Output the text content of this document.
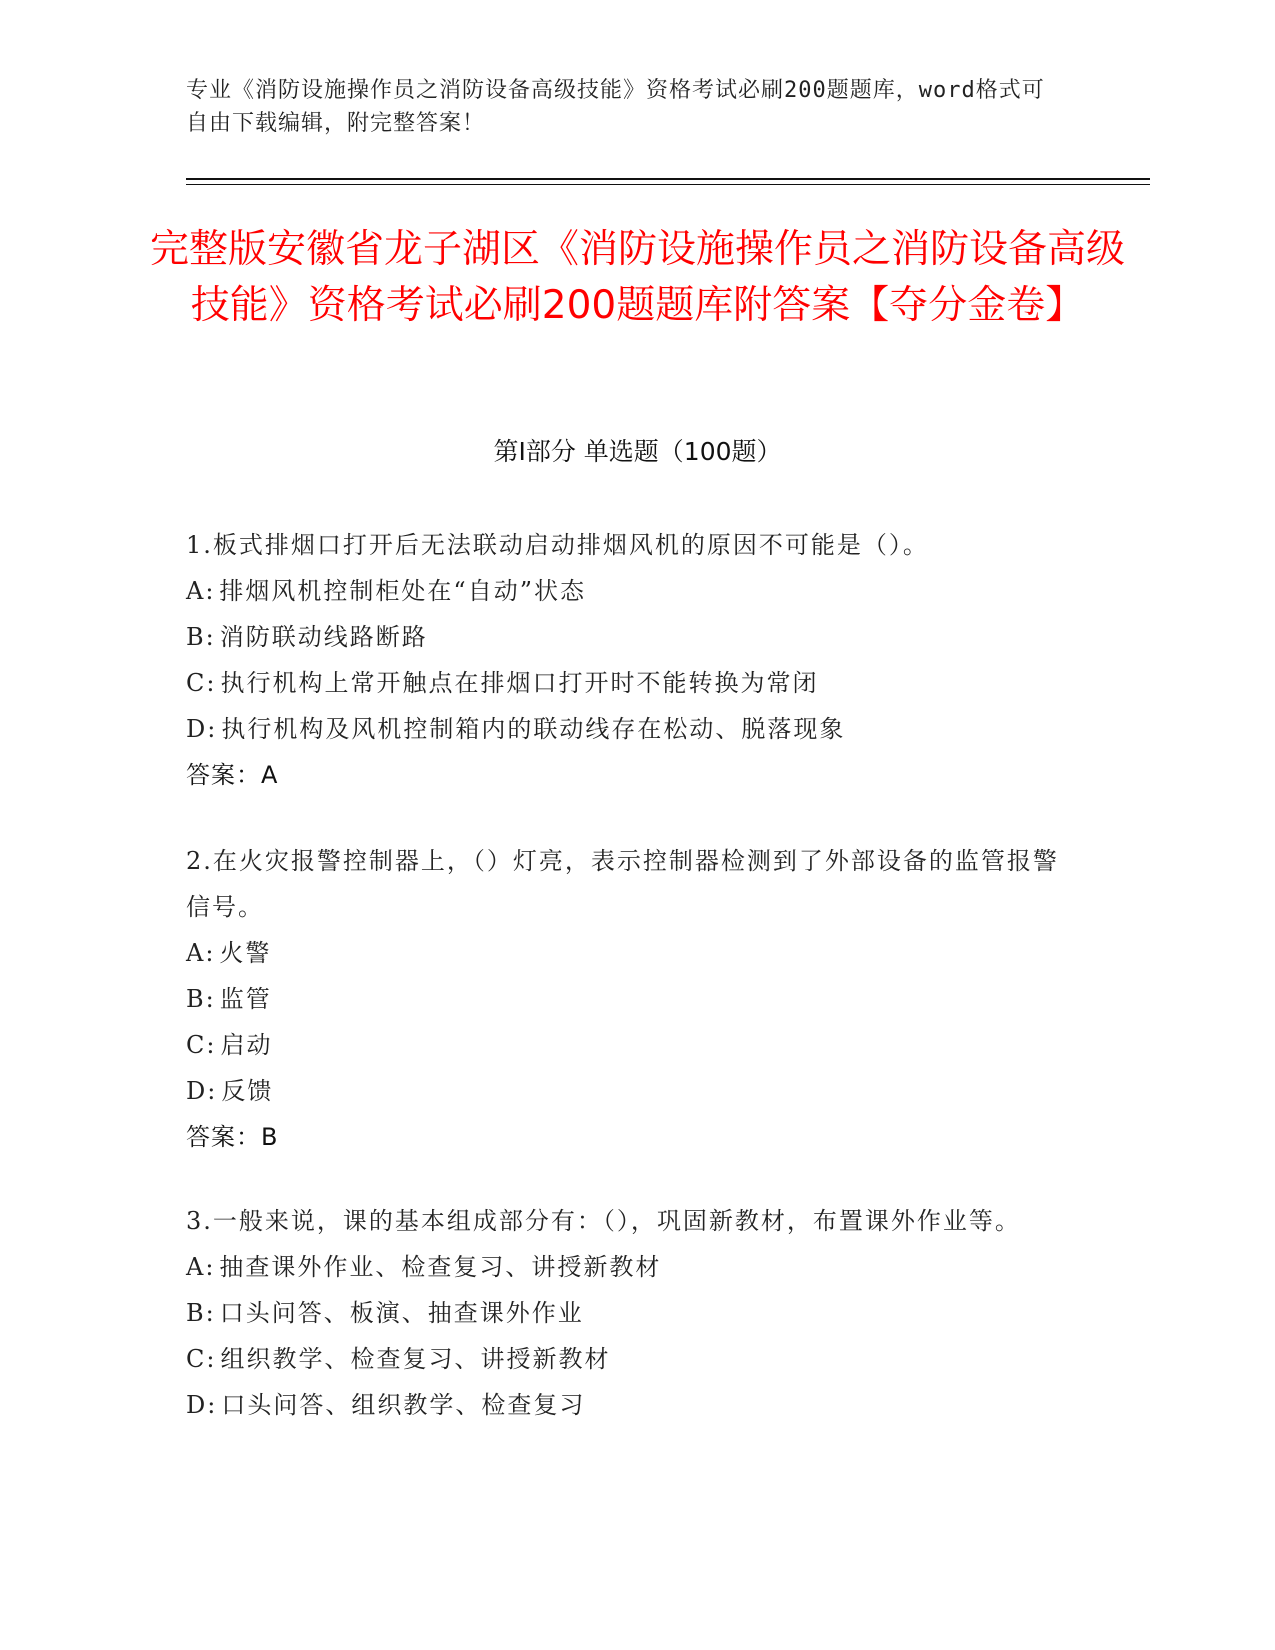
专业《消防设施操作员之消防设备高级技能》资格考试必刷200题题库，word格式可自由下载编辑，附完整答案！
完整版安徽省龙子湖区《消防设施操作员之消防设备高级技能》资格考试必刷200题题库附答案【夺分金卷】
第I部分 单选题（100题）

1.板式排烟口打开后无法联动启动排烟风机的原因不可能是（）。

A: 排烟风机控制柜处在“自动”状态

B: 消防联动线路断路

C: 执行机构上常开触点在排烟口打开时不能转换为常闭

D: 执行机构及风机控制箱内的联动线存在松动、脱落现象

答案：A

2.在火灾报警控制器上，（）灯亮，表示控制器检测到了外部设备的监管报警信号。

A: 火警

B: 监管

C: 启动

D: 反馈

答案：B

3.一般来说，课的基本组成部分有：（），巩固新教材，布置课外作业等。

A: 抽查课外作业、检查复习、讲授新教材

B: 口头问答、板演、抽查课外作业

C: 组织教学、检查复习、讲授新教材

D: 口头问答、组织教学、检查复习
